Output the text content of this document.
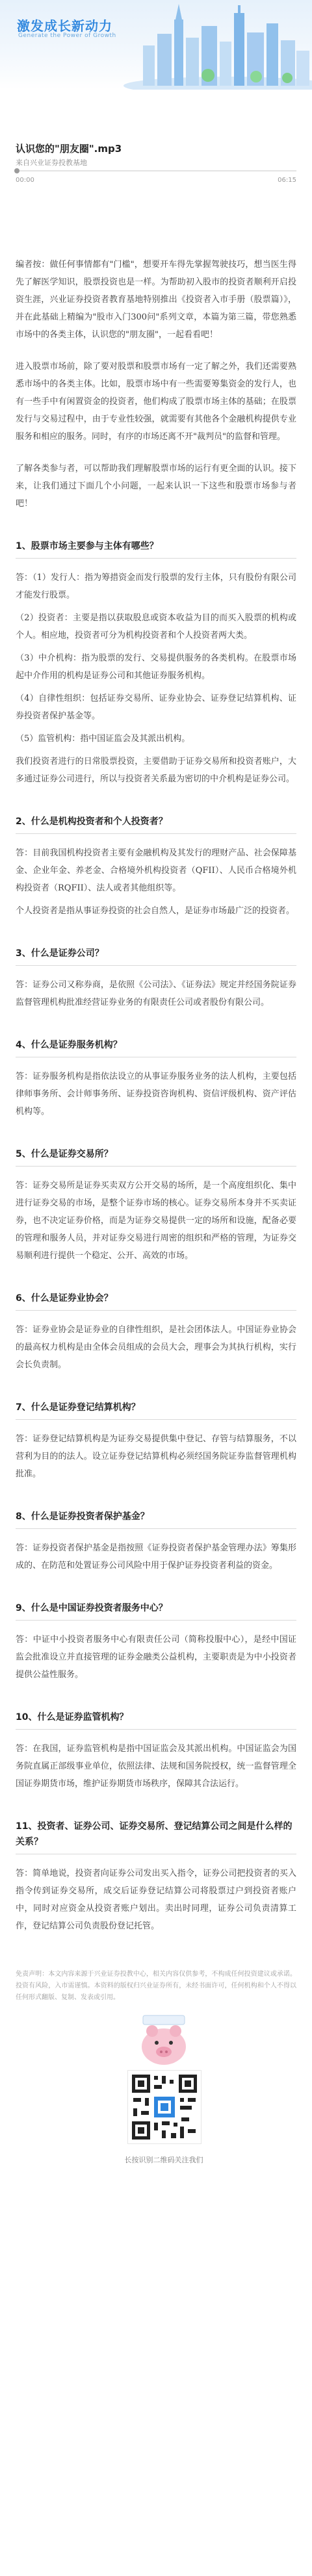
激发成长新动力
Generate the Power of Growth
认识您的"朋友圈".mp3
来自兴业证券投教基地
00:00	06:15

编者按：做任何事情都有"门槛"，想要开车得先掌握驾驶技巧，想当医生得先了解医学知识，股票投资也是一样。为帮助初入股市的投资者顺利开启投资生涯，兴业证券投资者教育基地特别推出《投资者入市手册（股票篇）》，并在此基础上精编为"股市入门300问"系列文章，本篇为第三篇，带您熟悉市场中的各类主体，认识您的"朋友圈"，一起看看吧！

进入股票市场前，除了要对股票和股票市场有一定了解之外，我们还需要熟悉市场中的各类主体。比如，股票市场中有一些需要筹集资金的发行人，也有一些手中有闲置资金的投资者，他们构成了股票市场主体的基础；在股票发行与交易过程中，由于专业性较强，就需要有其他各个金融机构提供专业服务和相应的服务。同时，有序的市场还离不开"裁判员"的监督和管理。

了解各类参与者，可以帮助我们理解股票市场的运行有更全面的认识。接下来，让我们通过下面几个小问题，一起来认识一下这些和股票市场参与者吧！

1、股票市场主要参与主体有哪些？

答：（1）发行人：指为筹措资金而发行股票的发行主体，只有股份有限公司才能发行股票。

（2）投资者：主要是指以获取股息或资本收益为目的而买入股票的机构或个人。相应地，投资者可分为机构投资者和个人投资者两大类。

（3）中介机构：指为股票的发行、交易提供服务的各类机构。在股票市场起中介作用的机构是证券公司和其他证券服务机构。

（4）自律性组织：包括证券交易所、证券业协会、证券登记结算机构、证券投资者保护基金等。

（5）监管机构：指中国证监会及其派出机构。

我们投资者进行的日常股票投资，主要借助于证券交易所和投资者账户，大多通过证券公司进行，所以与投资者关系最为密切的中介机构是证券公司。

2、什么是机构投资者和个人投资者？

答：目前我国机构投资者主要有金融机构及其发行的理财产品、社会保障基金、企业年金、养老金、合格境外机构投资者（QFII）、人民币合格境外机构投资者（RQFII）、法人或者其他组织等。

个人投资者是指从事证券投资的社会自然人，是证券市场最广泛的投资者。

3、什么是证券公司？

答：证券公司又称券商，是依照《公司法》、《证券法》规定并经国务院证券监督管理机构批准经营证券业务的有限责任公司或者股份有限公司。

4、什么是证券服务机构？

答：证券服务机构是指依法设立的从事证券服务业务的法人机构，主要包括律师事务所、会计师事务所、证券投资咨询机构、资信评级机构、资产评估机构等。

5、什么是证券交易所？

答：证券交易所是证券买卖双方公开交易的场所，是一个高度组织化、集中进行证券交易的市场，是整个证券市场的核心。证券交易所本身并不买卖证券，也不决定证券价格，而是为证券交易提供一定的场所和设施，配备必要的管理和服务人员，并对证券交易进行周密的组织和严格的管理，为证券交易顺利进行提供一个稳定、公开、高效的市场。

6、什么是证券业协会？

答：证券业协会是证券业的自律性组织，是社会团体法人。中国证券业协会的最高权力机构是由全体会员组成的会员大会，理事会为其执行机构，实行会长负责制。

7、什么是证券登记结算机构？

答：证券登记结算机构是为证券交易提供集中登记、存管与结算服务，不以营利为目的的法人。设立证券登记结算机构必须经国务院证券监督管理机构批准。

8、什么是证券投资者保护基金？

答：证券投资者保护基金是指按照《证券投资者保护基金管理办法》筹集形成的、在防范和处置证券公司风险中用于保护证券投资者利益的资金。

9、什么是中国证券投资者服务中心？

答：中证中小投资者服务中心有限责任公司（简称投服中心），是经中国证监会批准设立并直接管理的证券金融类公益机构，主要职责是为中小投资者提供公益性服务。

10、什么是证券监管机构？

答：在我国，证券监管机构是指中国证监会及其派出机构。中国证监会为国务院直属正部级事业单位，依照法律、法规和国务院授权，统一监督管理全国证券期货市场，维护证券期货市场秩序，保障其合法运行。

11、投资者、证券公司、证券交易所、登记结算公司之间是什么样的关系？

答：简单地说，投资者向证券公司发出买入指令，证券公司把投资者的买入指令传到证券交易所，成交后证券登记结算公司将股票过户到投资者账户中，同时对应资金从投资者账户划出。卖出时同理，证券公司负责清算工作，登记结算公司负责股份登记托管。

免责声明：本文内容来源于兴业证券投教中心，相关内容仅供参考，不构成任何投资建议或承诺。投资有风险，入市需谨慎。本资料的版权归兴业证券所有，未经书面许可，任何机构和个人不得以任何形式翻版、复制、发表或引用。
长按识别二维码关注我们
